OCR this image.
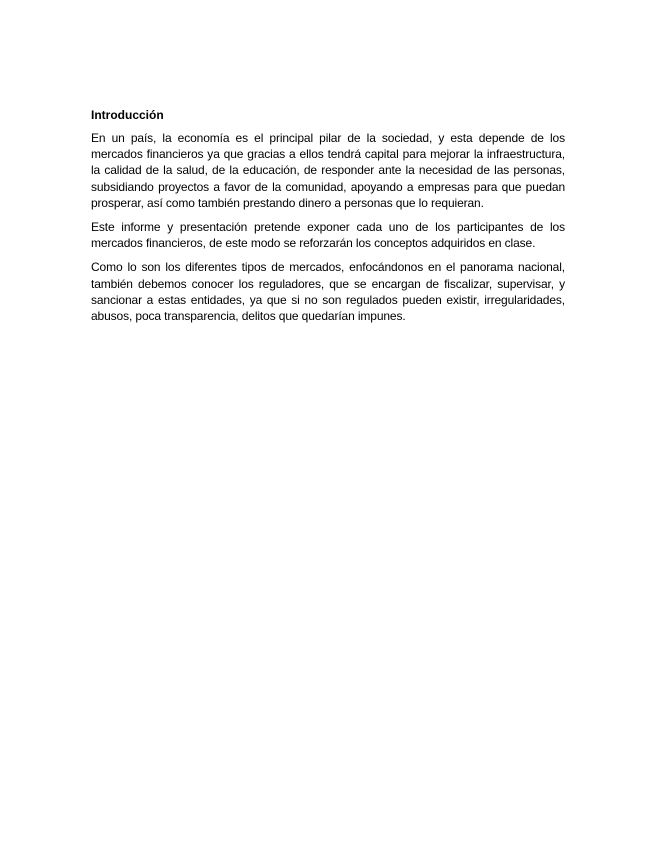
Introducción

En un país, la economía es el principal pilar de la sociedad, y esta depende de los mercados financieros ya que gracias a ellos tendrá capital para mejorar la infraestructura, la calidad de la salud, de la educación, de responder ante la necesidad de las personas, subsidiando proyectos a favor de la comunidad, apoyando a empresas para que puedan prosperar, así como también prestando dinero a personas que lo requieran.

Este informe y presentación pretende exponer cada uno de los participantes de los mercados financieros, de este modo se reforzarán los conceptos adquiridos en clase.

Como lo son los diferentes tipos de mercados, enfocándonos en el panorama nacional, también debemos conocer los reguladores, que se encargan de fiscalizar, supervisar, y sancionar a estas entidades, ya que si no son regulados pueden existir, irregularidades, abusos, poca transparencia, delitos que quedarían impunes.
